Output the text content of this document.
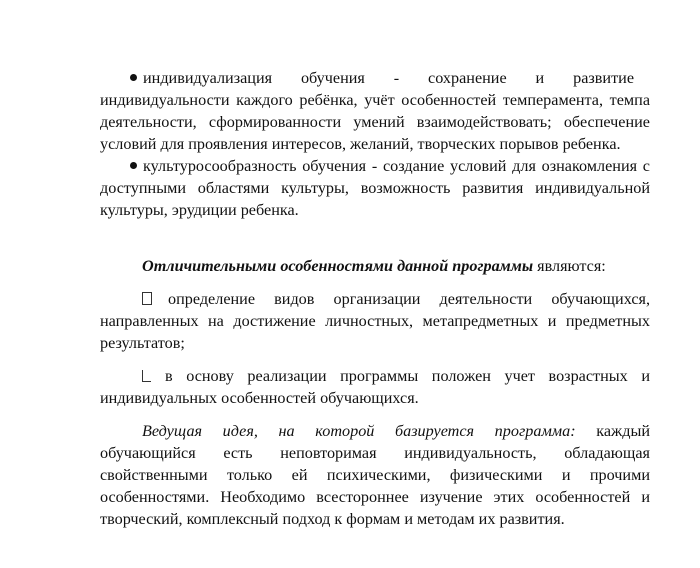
индивидуализация обучения - сохранение и развитие
индивидуальности каждого ребёнка, учёт особенностей темперамента, темпа деятельности, сформированности умений взаимодействовать; обеспечение условий для проявления интересов, желаний, творческих порывов ребенка.

культуросообразность обучения - создание условий для ознакомления с доступными областями культуры, возможность развития индивидуальной культуры, эрудиции ребенка.

Отличительными особенностями данной программы являются:

определение видов организации деятельности обучающихся, направленных на достижение личностных, метапредметных и предметных результатов;

в основу реализации программы положен учет возрастных и индивидуальных особенностей обучающихся.

Ведущая идея, на которой базируется программа: каждый обучающийся есть неповторимая индивидуальность, обладающая свойственными только ей психическими, физическими и прочими особенностями. Необходимо всестороннее изучение этих особенностей и творческий, комплексный подход к формам и методам их развития.
